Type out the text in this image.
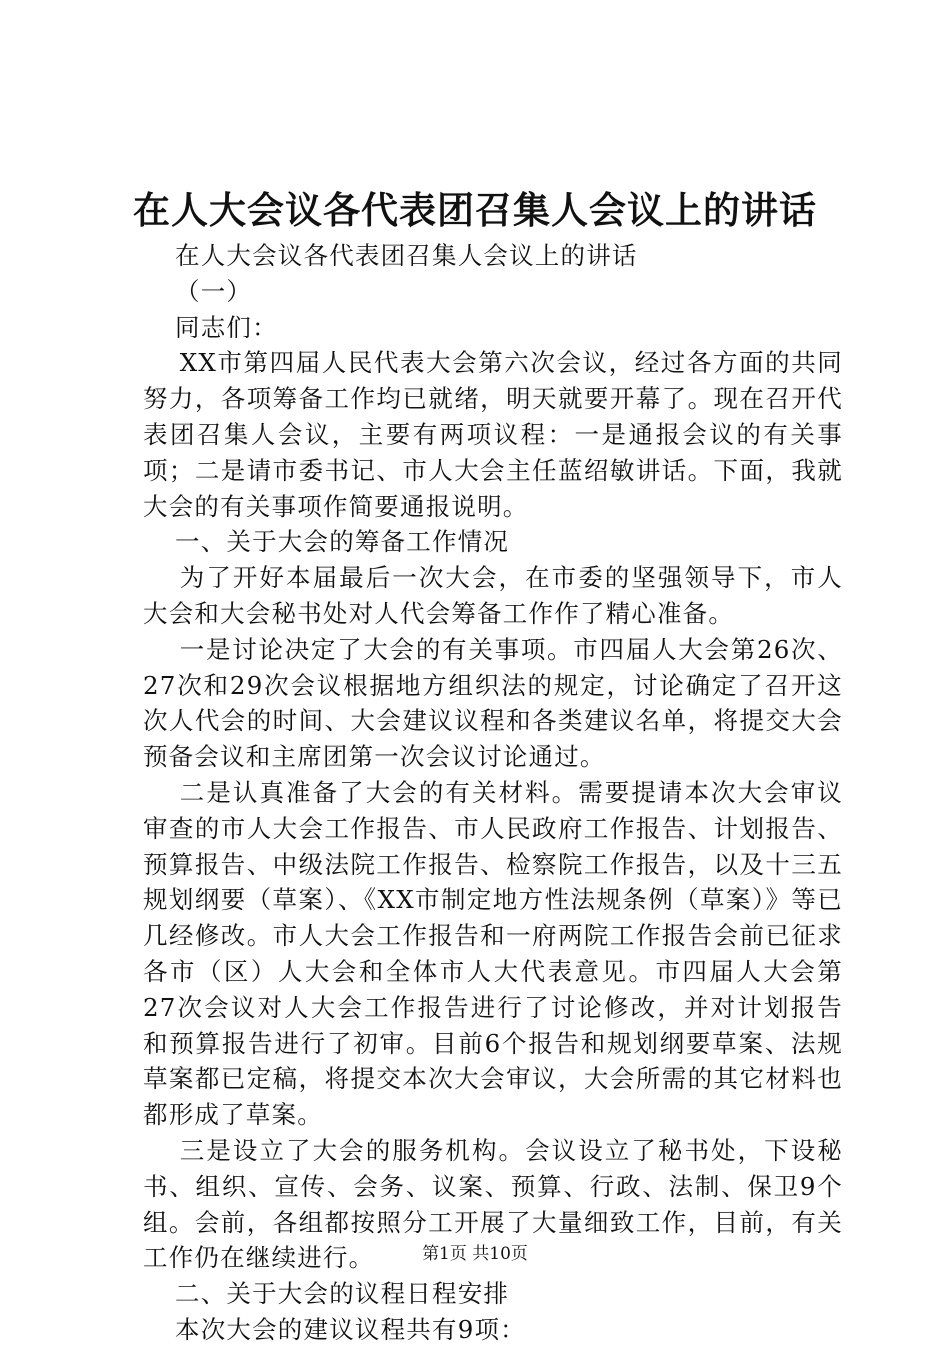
在人大会议各代表团召集人会议上的讲话

在人大会议各代表团召集人会议上的讲话

（一）

同志们：

XX市第四届人民代表大会第六次会议，经过各方面的共同努力，各项筹备工作均已就绪，明天就要开幕了。现在召开代表团召集人会议，主要有两项议程：一是通报会议的有关事项；二是请市委书记、市人大会主任蓝绍敏讲话。下面，我就大会的有关事项作简要通报说明。

一、关于大会的筹备工作情况

为了开好本届最后一次大会，在市委的坚强领导下，市人大会和大会秘书处对人代会筹备工作作了精心准备。

一是讨论决定了大会的有关事项。市四届人大会第26次、27次和29次会议根据地方组织法的规定，讨论确定了召开这次人代会的时间、大会建议议程和各类建议名单，将提交大会预备会议和主席团第一次会议讨论通过。

二是认真准备了大会的有关材料。需要提请本次大会审议审查的市人大会工作报告、市人民政府工作报告、计划报告、预算报告、中级法院工作报告、检察院工作报告，以及十三五规划纲要（草案）、《XX市制定地方性法规条例（草案）》等已几经修改。市人大会工作报告和一府两院工作报告会前已征求各市（区）人大会和全体市人大代表意见。市四届人大会第27次会议对人大会工作报告进行了讨论修改，并对计划报告和预算报告进行了初审。目前6个报告和规划纲要草案、法规草案都已定稿，将提交本次大会审议，大会所需的其它材料也都形成了草案。

三是设立了大会的服务机构。会议设立了秘书处，下设秘书、组织、宣传、会务、议案、预算、行政、法制、保卫9个组。会前，各组都按照分工开展了大量细致工作，目前，有关工作仍在继续进行。

二、关于大会的议程日程安排

本次大会的建议议程共有9项：

第1页 共10页
